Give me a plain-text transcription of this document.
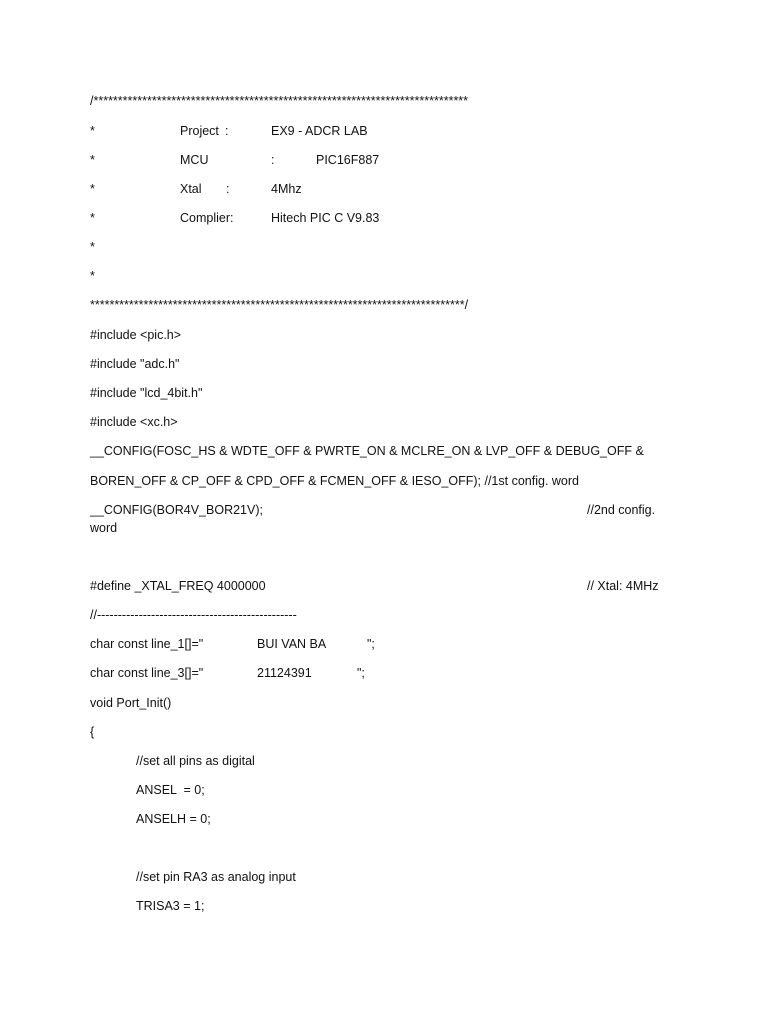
/*****************************************************************************
*	Project :	EX9 - ADCR LAB
*	MCU	:	PIC16F887
*	Xtal :	4Mhz
*	Complier:	Hitech PIC C V9.83
*
*
*****************************************************************************/
#include <pic.h>
#include "adc.h"
#include "lcd_4bit.h"
#include <xc.h>
__CONFIG(FOSC_HS & WDTE_OFF & PWRTE_ON & MCLRE_ON & LVP_OFF & DEBUG_OFF &
BOREN_OFF & CP_OFF & CPD_OFF & FCMEN_OFF & IESO_OFF); //1st config. word
__CONFIG(BOR4V_BOR21V);	//2nd config.
word
#define _XTAL_FREQ 4000000	// Xtal: 4MHz
//------------------------------------------------
char const line_1[]="	BUI VAN BA	";
char const line_3[]="	21124391	";
void Port_Init()
{
//set all pins as digital
ANSEL  = 0;
ANSELH = 0;
//set pin RA3 as analog input
TRISA3 = 1;
